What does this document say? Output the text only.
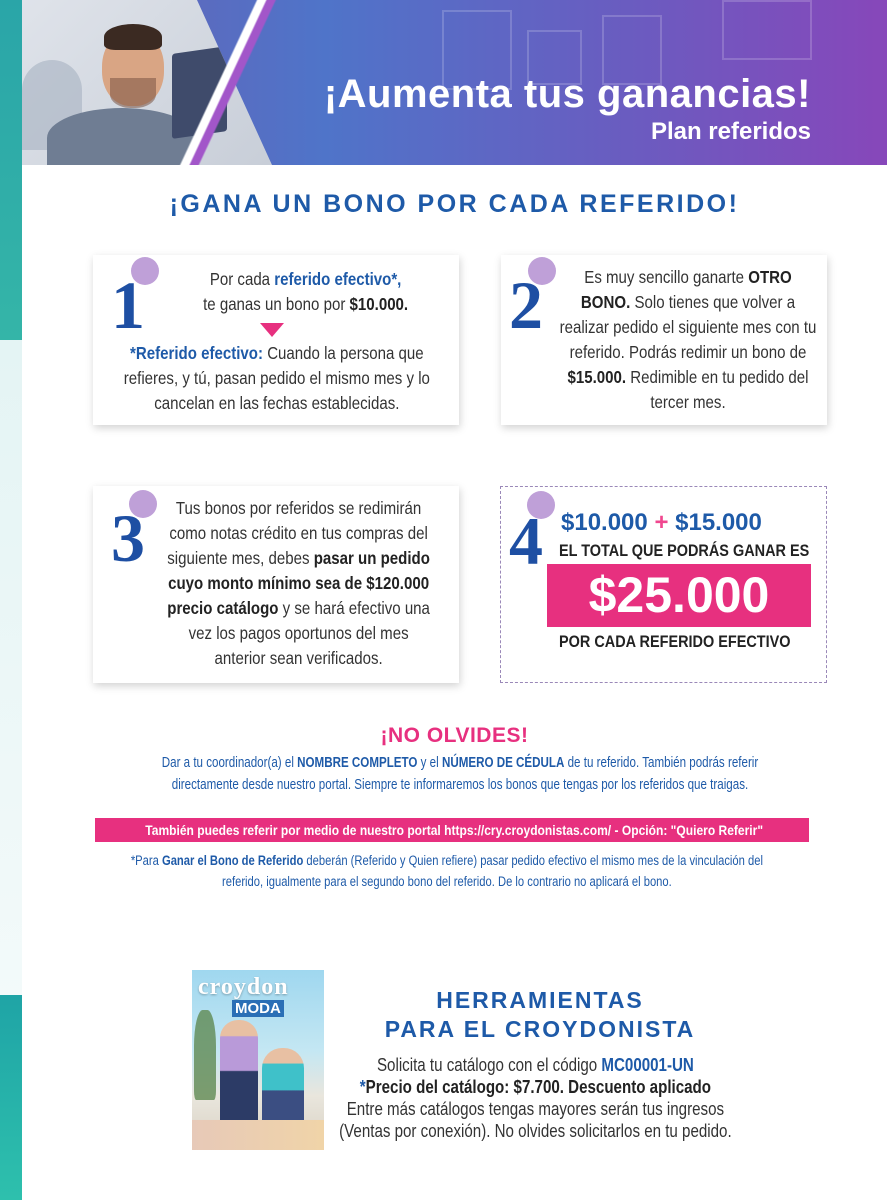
¡Aumenta tus ganancias!
Plan referidos
¡GANA UN BONO POR CADA REFERIDO!
1	Por cada referido efectivo*,
te ganas un bono por $10.000.
*Referido efectivo: Cuando la persona que refieres, y tú, pasan pedido el mismo mes y lo cancelan en las fechas establecidas.
2	Es muy sencillo ganarte OTRO BONO. Solo tienes que volver a realizar pedido el siguiente mes con tu referido. Podrás redimir un bono de $15.000. Redimible en tu pedido del tercer mes.
3	Tus bonos por referidos se redimirán como notas crédito en tus compras del siguiente mes, debes pasar un pedido cuyo monto mínimo sea de $120.000 precio catálogo y se hará efectivo una vez los pagos oportunos del mes anterior sean verificados.
4 $10.000 + $15.000
EL TOTAL QUE PODRÁS GANAR ES
$25.000
POR CADA REFERIDO EFECTIVO
¡NO OLVIDES!
Dar a tu coordinador(a) el NOMBRE COMPLETO y el NÚMERO DE CÉDULA de tu referido. También podrás referir
directamente desde nuestro portal. Siempre te informaremos los bonos que tengas por los referidos que traigas.
También puedes referir por medio de nuestro portal https://cry.croydonistas.com/ - Opción: "Quiero Referir"
*Para Ganar el Bono de Referido deberán (Referido y Quien refiere) pasar pedido efectivo el mismo mes de la vinculación del
referido, igualmente para el segundo bono del referido. De lo contrario no aplicará el bono.
croydon
MODA	HERRAMIENTAS
PARA EL CROYDONISTA
Solicita tu catálogo con el código MC00001-UN
*Precio del catálogo: $7.700. Descuento aplicado
Entre más catálogos tengas mayores serán tus ingresos
(Ventas por conexión). No olvides solicitarlos en tu pedido.
